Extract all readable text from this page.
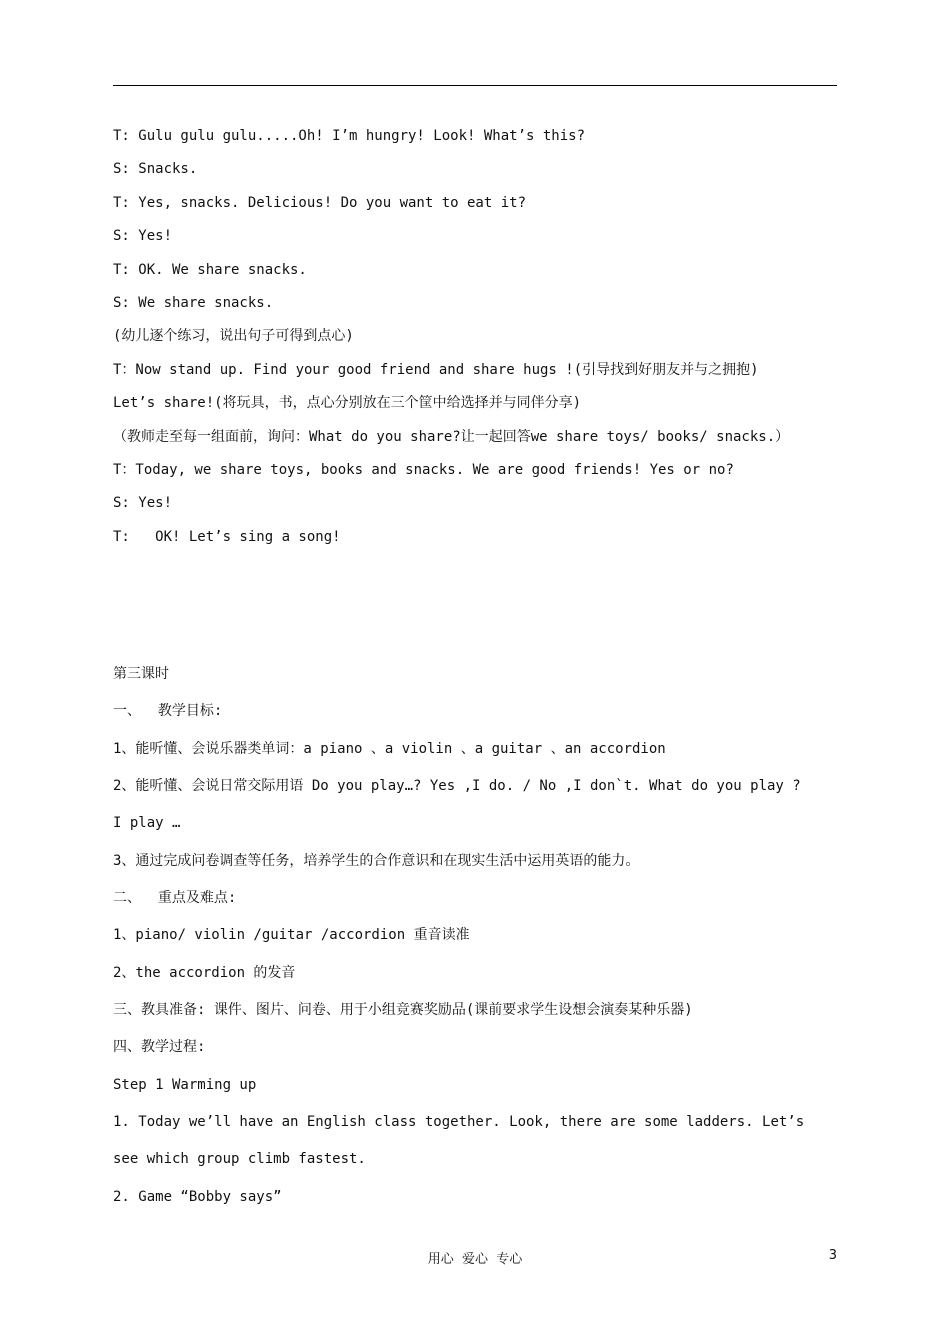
T: Gulu gulu gulu.....Oh! I’m hungry! Look! What’s this?
S: Snacks.
T: Yes, snacks. Delicious! Do you want to eat it?
S: Yes!
T: OK. We share snacks.
S: We share snacks.
(幼儿逐个练习，说出句子可得到点心)
T：Now stand up. Find your good friend and share hugs !(引导找到好朋友并与之拥抱)
Let’s share!(将玩具，书，点心分别放在三个筐中给选择并与同伴分享)
（教师走至每一组面前，询问：What do you share?让一起回答we share toys/ books/ snacks.）
T：Today, we share toys, books and snacks. We are good friends! Yes or no?
S: Yes!
T:   OK! Let’s sing a song!
第三课时
一、  教学目标:
1、能听懂、会说乐器类单词：a piano 、a violin 、a guitar 、an accordion
2、能听懂、会说日常交际用语 Do you play…? Yes ,I do. / No ,I don`t. What do you play ?
I play …
3、通过完成问卷调查等任务，培养学生的合作意识和在现实生活中运用英语的能力。
二、  重点及难点:
1、piano/ violin /guitar /accordion 重音读准
2、the accordion 的发音
三、教具准备: 课件、图片、问卷、用于小组竞赛奖励品(课前要求学生设想会演奏某种乐器)
四、教学过程:
Step 1 Warming up
1. Today we’ll have an English class together. Look, there are some ladders. Let’s
see which group climb fastest.
2. Game “Bobby says”
用心  爱心  专心	3
